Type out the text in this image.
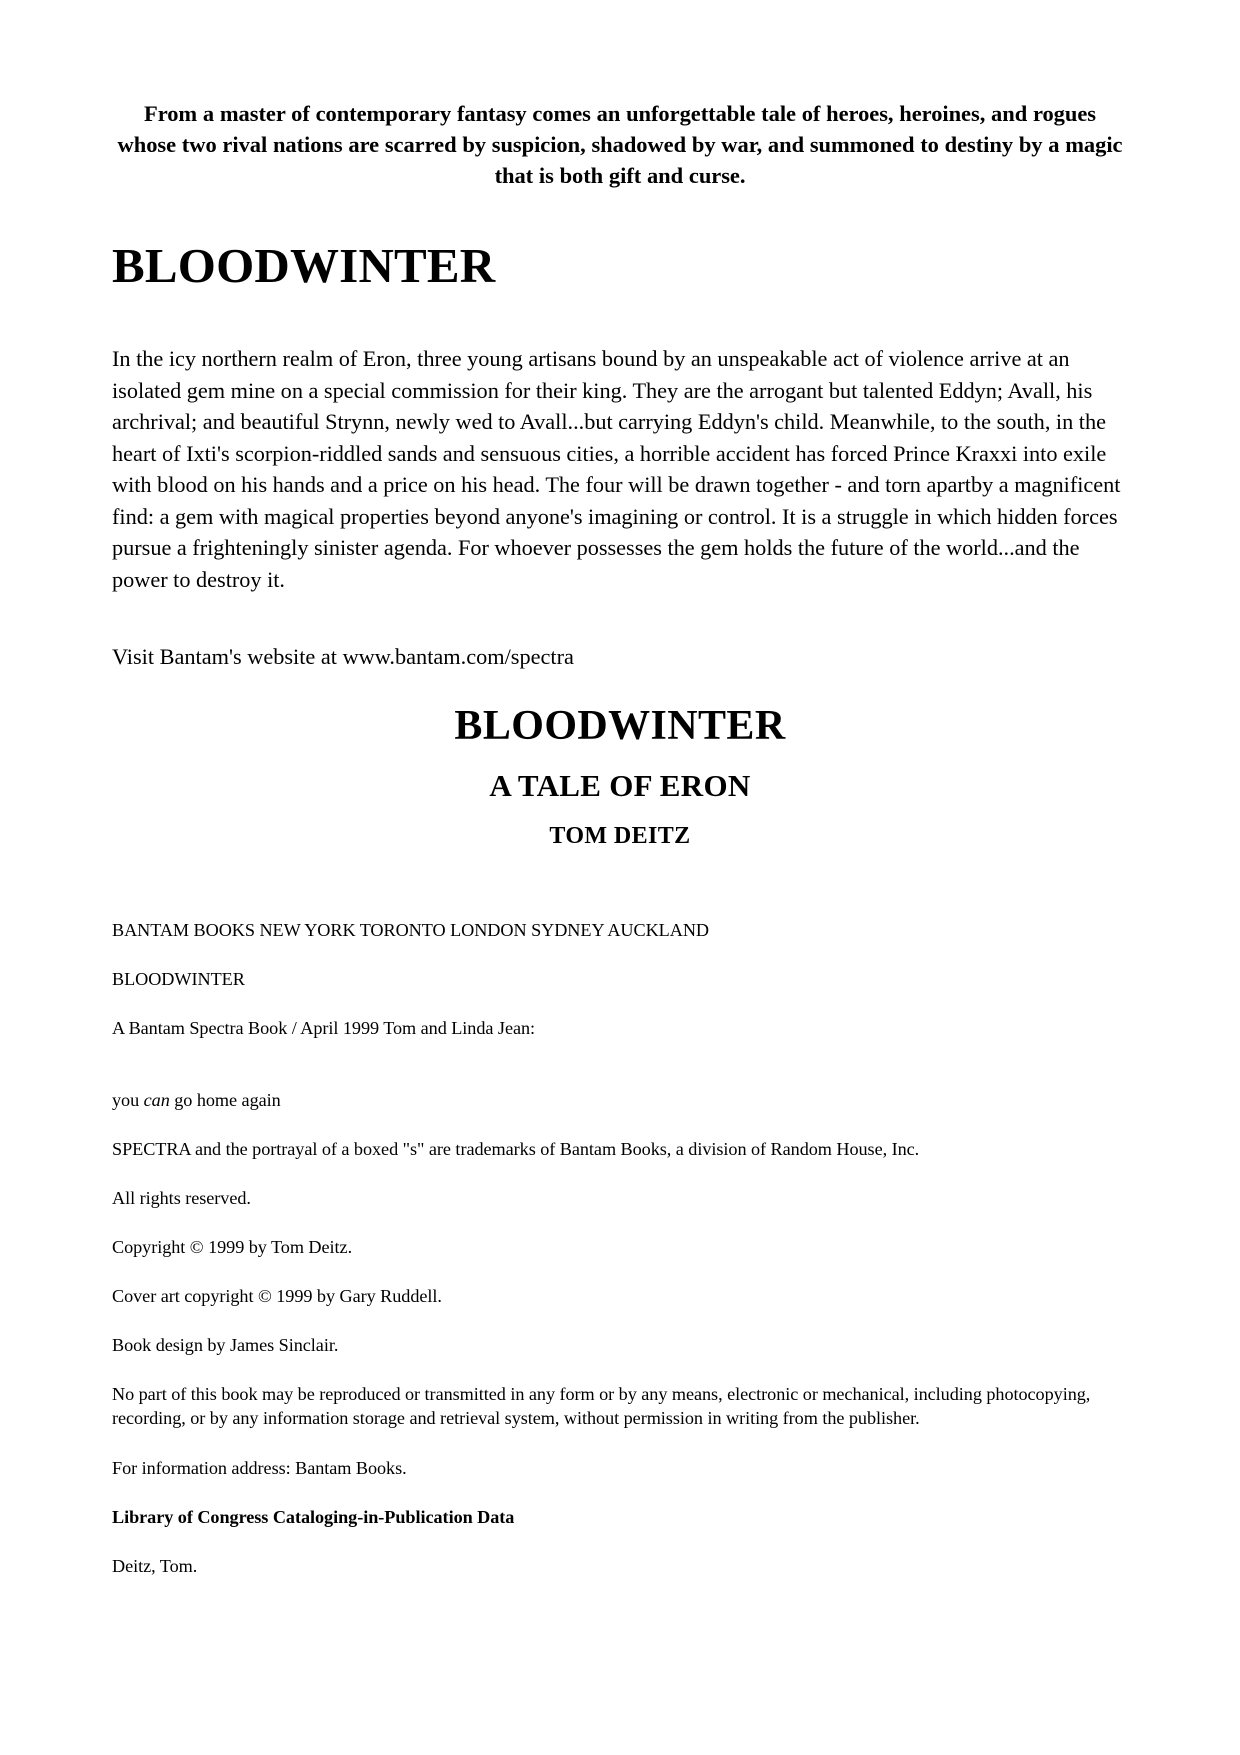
From a master of contemporary fantasy comes an unforgettable tale of heroes, heroines, and rogues whose two rival nations are scarred by suspicion, shadowed by war, and summoned to destiny by a magic that is both gift and curse.

BLOODWINTER

In the icy northern realm of Eron, three young artisans bound by an unspeakable act of violence arrive at an isolated gem mine on a special commission for their king. They are the arrogant but talented Eddyn; Avall, his archrival; and beautiful Strynn, newly wed to Avall...but carrying Eddyn's child. Meanwhile, to the south, in the heart of Ixti's scorpion-riddled sands and sensuous cities, a horrible accident has forced Prince Kraxxi into exile with blood on his hands and a price on his head. The four will be drawn together - and torn apartby a magnificent find: a gem with magical properties beyond anyone's imagining or control. It is a struggle in which hidden forces pursue a frighteningly sinister agenda. For whoever possesses the gem holds the future of the world...and the power to destroy it.

Visit Bantam's website at www.bantam.com/spectra

BLOODWINTER
A TALE OF ERON
TOM DEITZ

BANTAM BOOKS NEW YORK TORONTO LONDON SYDNEY AUCKLAND

BLOODWINTER

A Bantam Spectra Book / April 1999 Tom and Linda Jean:

you can go home again

SPECTRA and the portrayal of a boxed "s" are trademarks of Bantam Books, a division of Random House, Inc.

All rights reserved.

Copyright © 1999 by Tom Deitz.

Cover art copyright © 1999 by Gary Ruddell.

Book design by James Sinclair.

No part of this book may be reproduced or transmitted in any form or by any means, electronic or mechanical, including photocopying, recording, or by any information storage and retrieval system, without permission in writing from the publisher.

For information address: Bantam Books.

Library of Congress Cataloging-in-Publication Data

Deitz, Tom.
